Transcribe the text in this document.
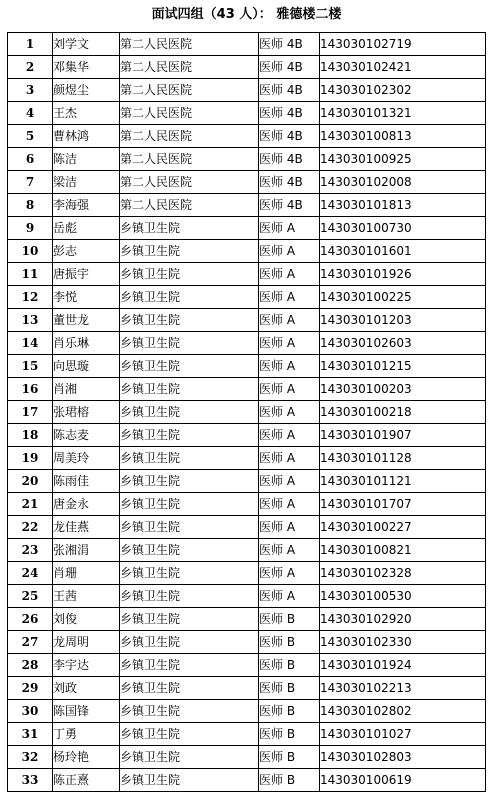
面试四组（43 人）： 雅德楼二楼
1	刘学文	第二人民医院	医师 4B	143030102719
2	邓集华	第二人民医院	医师 4B	143030102421
3	颜煜尘	第二人民医院	医师 4B	143030102302
4	王杰	第二人民医院	医师 4B	143030101321
5	曹林鸿	第二人民医院	医师 4B	143030100813
6	陈洁	第二人民医院	医师 4B	143030100925
7	梁洁	第二人民医院	医师 4B	143030102008
8	李海强	第二人民医院	医师 4B	143030101813
9	岳彪	乡镇卫生院	医师 A	143030100730
10	彭志	乡镇卫生院	医师 A	143030101601
11	唐振宇	乡镇卫生院	医师 A	143030101926
12	李悦	乡镇卫生院	医师 A	143030100225
13	董世龙	乡镇卫生院	医师 A	143030101203
14	肖乐琳	乡镇卫生院	医师 A	143030102603
15	向思璇	乡镇卫生院	医师 A	143030101215
16	肖湘	乡镇卫生院	医师 A	143030100203
17	张珺榕	乡镇卫生院	医师 A	143030100218
18	陈志麦	乡镇卫生院	医师 A	143030101907
19	周美玲	乡镇卫生院	医师 A	143030101128
20	陈雨佳	乡镇卫生院	医师 A	143030101121
21	唐金永	乡镇卫生院	医师 A	143030101707
22	龙佳燕	乡镇卫生院	医师 A	143030100227
23	张湘涓	乡镇卫生院	医师 A	143030100821
24	肖珊	乡镇卫生院	医师 A	143030102328
25	王茜	乡镇卫生院	医师 A	143030100530
26	刘俊	乡镇卫生院	医师 B	143030102920
27	龙周明	乡镇卫生院	医师 B	143030102330
28	李宇达	乡镇卫生院	医师 B	143030101924
29	刘政	乡镇卫生院	医师 B	143030102213
30	陈国锋	乡镇卫生院	医师 B	143030102802
31	丁勇	乡镇卫生院	医师 B	143030101027
32	杨玲艳	乡镇卫生院	医师 B	143030102803
33	陈正熹	乡镇卫生院	医师 B	143030100619
